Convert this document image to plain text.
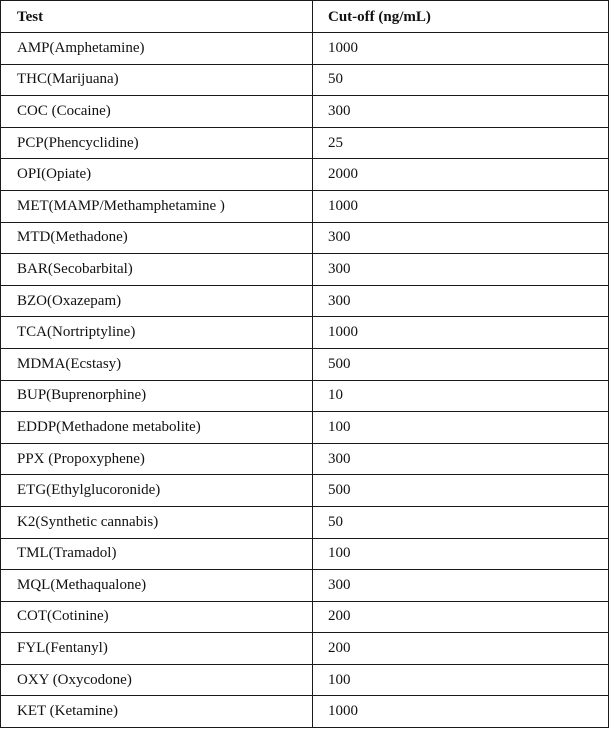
Test	Cut-off (ng/mL)
AMP(Amphetamine)	1000
THC(Marijuana)	50
COC (Cocaine)	300
PCP(Phencyclidine)	25
OPI(Opiate)	2000
MET(MAMP/Methamphetamine )	1000
MTD(Methadone)	300
BAR(Secobarbital)	300
BZO(Oxazepam)	300
TCA(Nortriptyline)	1000
MDMA(Ecstasy)	500
BUP(Buprenorphine)	10
EDDP(Methadone metabolite)	100
PPX (Propoxyphene)	300
ETG(Ethylglucoronide)	500
K2(Synthetic cannabis)	50
TML(Tramadol)	100
MQL(Methaqualone)	300
COT(Cotinine)	200
FYL(Fentanyl)	200
OXY (Oxycodone)	100
KET (Ketamine)	1000
